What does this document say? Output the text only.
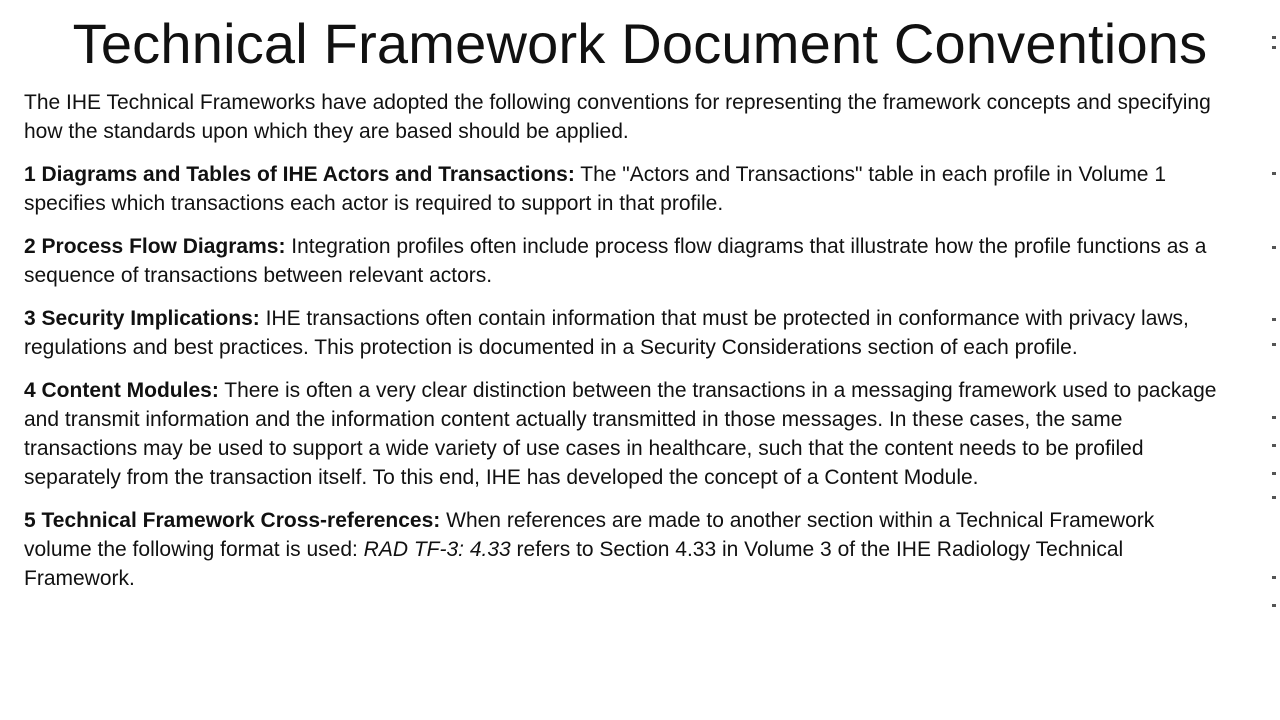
Technical Framework Document Conventions

The IHE Technical Frameworks have adopted the following conventions for representing the framework concepts and specifying how the standards upon which they are based should be applied.

1 Diagrams and Tables of IHE Actors and Transactions: The "Actors and Transactions" table in each profile in Volume 1 specifies which transactions each actor is required to support in that profile.

2 Process Flow Diagrams: Integration profiles often include process flow diagrams that illustrate how the profile functions as a sequence of transactions between relevant actors.

3 Security Implications: IHE transactions often contain information that must be protected in conformance with privacy laws, regulations and best practices. This protection is documented in a Security Considerations section of each profile.

4 Content Modules: There is often a very clear distinction between the transactions in a messaging framework used to package and transmit information and the information content actually transmitted in those messages. In these cases, the same transactions may be used to support a wide variety of use cases in healthcare, such that the content needs to be profiled separately from the transaction itself. To this end, IHE has developed the concept of a Content Module.

5 Technical Framework Cross-references: When references are made to another section within a Technical Framework volume the following format is used: RAD TF-3: 4.33 refers to Section 4.33 in Volume 3 of the IHE Radiology Technical Framework.
